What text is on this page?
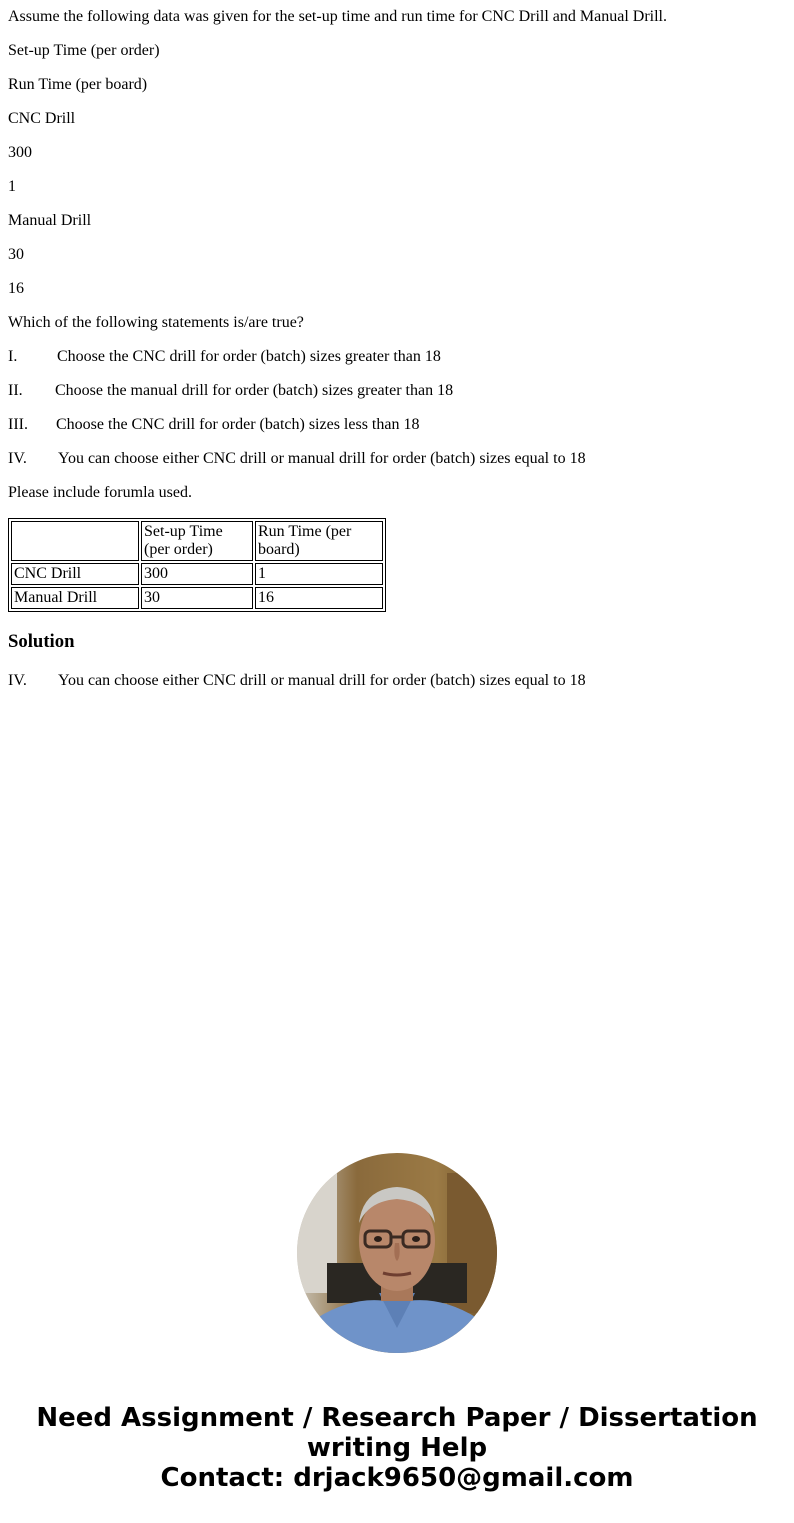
Assume the following data was given for the set-up time and run time for CNC Drill and Manual Drill.

Set-up Time (per order)

Run Time (per board)

CNC Drill

300

1

Manual Drill

30

16

Which of the following statements is/are true?

I. Choose the CNC drill for order (batch) sizes greater than 18

II. Choose the manual drill for order (batch) sizes greater than 18

III. Choose the CNC drill for order (batch) sizes less than 18

IV. You can choose either CNC drill or manual drill for order (batch) sizes equal to 18

Please include forumla used.

	Set-up Time (per order)	Run Time (per board)
CNC Drill	300	1
Manual Drill	30	16
Solution

IV. You can choose either CNC drill or manual drill for order (batch) sizes equal to 18

Need Assignment / Research Paper / Dissertation
writing Help
Contact: drjack9650@gmail.com
